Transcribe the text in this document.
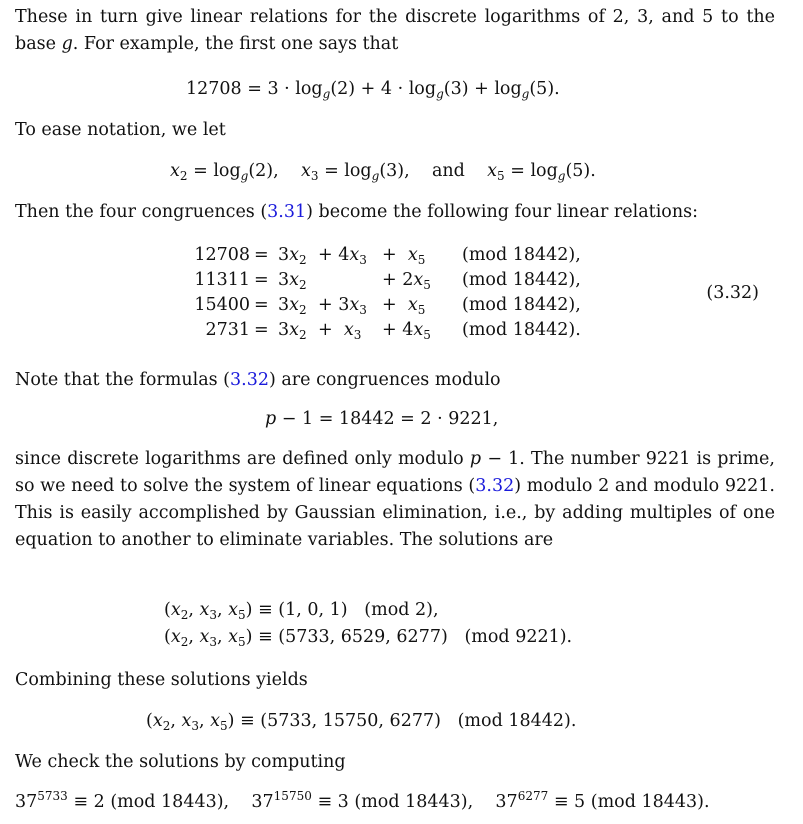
These in turn give linear relations for the discrete logarithms of 2, 3, and 5 to the base g. For example, the first one says that

$12708 = 3 \cdot \log_g(2) + 4 \cdot \log_g(3) + \log_g(5)$.

To ease notation, we let

$x_2 = \log_g(2)$, $x_3 = \log_g(3)$, and $x_5 = \log_g(5)$.

Then the four congruences (3.31) become the following four linear relations:

$12708 = 3x_2 + 4x_3 + x_5$ (mod 18442),
$11311 = 3x_2$	+ $2x_5$ (mod 18442),
$15400 = 3x_2 + 3x_3 + x_5$ (mod 18442),
$2731 = 3x_2 + x_3 + 4x_5$ (mod 18442).
(3.32)

Note that the formulas (3.32) are congruences modulo

p − 1 = 18442 = 2 · 9221,

since discrete logarithms are defined only modulo p − 1. The number 9221 is prime, so we need to solve the system of linear equations (3.32) modulo 2 and modulo 9221. This is easily accomplished by Gaussian elimination, i.e., by adding multiples of one equation to another to eliminate variables. The solutions are

($x_2$, $x_3$, $x_5) \equiv (1$, 0, 1)   (mod 2),
($x_2$, $x_3$, $x_5) \equiv (5733$, 6529, 6277)   (mod 9221).

Combining these solutions yields

($x_2$, $x_3$, $x_5) \equiv (5733$, 15750, 6277)   (mod 18442).

We check the solutions by computing

$37^{5733} \equiv 2$ (mod 18443), $37^{15750} \equiv 3$ (mod 18443), $37^{6277} \equiv 5$ (mod 18443).
